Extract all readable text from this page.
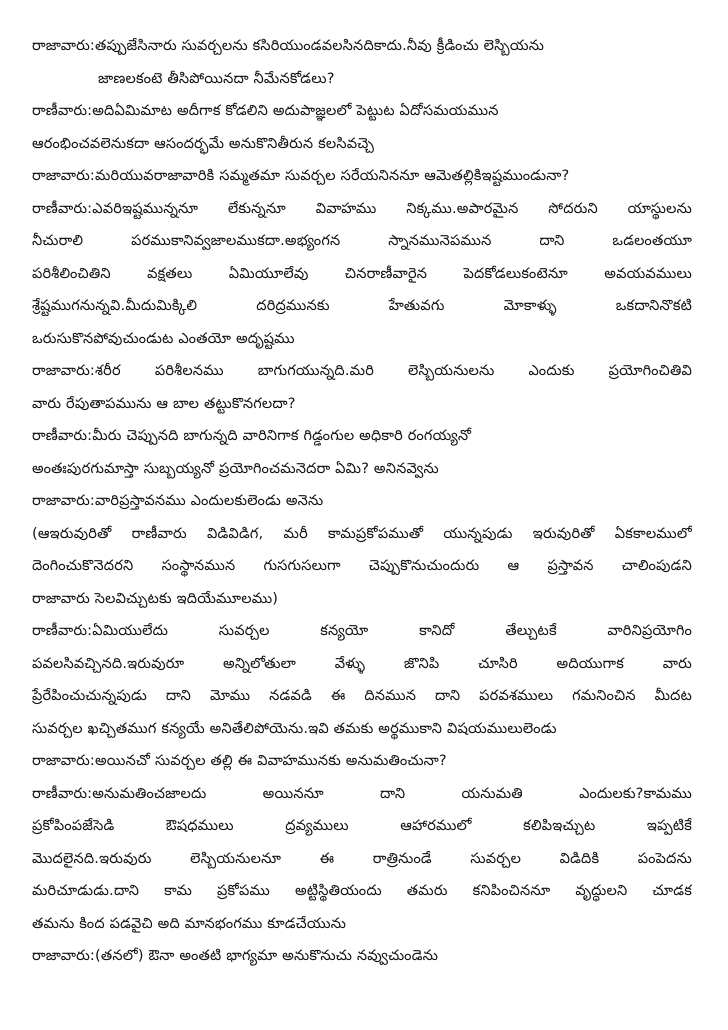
రాజావారు:తప్పుజేసినారు సువర్చలను కసిరియుండవలసినదికాదు.నీవు క్రీడించు లెస్బియను
జాణలకంటె తీసిపోయినదా నీమేనకోడలు?
రాణీవారు:అదిఏమిమాట అదీగాక కోడలిని అదుపాజ్ఞలలో పెట్టుట ఏదోసమయమున
ఆరంభించవలెనుకదా ఆసందర్భమే అనుకొనితీరున కలసివచ్చె
రాజావారు:మరియువరాజావారికి సమ్మతమా సువర్చల సరేయనిననూ ఆమెతల్లికిఇష్టముండునా?
రాణీవారు:ఎవరిఇష్టమున్ననూ లేకున్ననూ వివాహము నిక్కము.అపారమైన సోదరుని యాస్థులను
నీచురాలి పరముకానివ్వజాలముకదా.అభ్యంగన స్నానమునెపమున దాని ఒడలంతయూ
పరిశీలించితిని వక్షతలు ఏమియూలేవు చినరాణీవారైన పెదకోడలుకంటెనూ అవయవములు
శ్రేష్టముగనున్నవి.మీదుమిక్కిలి దరిద్రమునకు హేతువగు మోకాళ్ళు ఒకదానినొకటి
ఒరుసుకొనపోవుచుండుట ఎంతయో అదృష్టము
రాజావారు:శరీర పరిశీలనము బాగుగయున్నది.మరి లెస్బియనులను ఎందుకు ప్రయోగించితివి
వారు రేపుతాపమును ఆ బాల తట్టుకొనగలదా?
రాణీవారు:మీరు చెప్పునది బాగున్నది వారినిగాక గిడ్డంగుల అధికారి రంగయ్యనో
అంతఃపురగుమాస్తా సుబ్బయ్యనో ప్రయోగించమనెదరా ఏమి? అనినవ్వెను
రాజావారు:వారిప్రస్తావనము ఎందులకులెండు అనెను
(ఆఇరువురితో రాణీవారు విడివిడిగ, మరీ కామప్రకోపముతో యున్నపుడు ఇరువురితో ఏకకాలములో
దెంగించుకొనెదరని సంస్థానమున గుసగుసలుగా చెప్పుకొనుచుందురు ఆ ప్రస్తావన చాలింపుడని
రాజావారు సెలవిచ్చుటకు ఇదియేమూలము)
రాణీవారు:ఏమియులేదు సువర్చల కన్యయో కానిదో తేల్చుటకే వారినిప్రయోగిం
పవలసివచ్చినది.ఇరువురూ అన్నిలోతులా వేళ్ళు జొనిపి చూసిరి అదియుగాక వారు
ప్రేరేపించుచున్నపుడు దాని మోము నడవడి ఈ దినమున దాని పరవశములు గమనించిన మీదట
సువర్చల ఖచ్చితముగ కన్యయే అనితేలిపోయెను.ఇవి తమకు అర్థముకాని విషయములులెండు
రాజావారు:అయినచో సువర్చల తల్లి ఈ వివాహమునకు అనుమతించునా?
రాణీవారు:అనుమతించజాలదు అయిననూ దాని యనుమతి ఎందులకు?కామము
ప్రకోపింపజేసెడి ఔషధములు ద్రవ్యములు ఆహారములో కలిపిఇచ్చుట ఇప్పటికే
మొదలైనది.ఇరువురు లెస్బియనులనూ ఈ రాత్రినుండే సువర్చల విడిదికి పంపెదను
మరిచూడుడు.దాని కామ ప్రకోపము అట్టిస్థితియందు తమరు కనిపించిననూ వృద్ధులని చూడక
తమను కింద పడవైచి అది మానభంగము కూడచేయును
రాజావారు:(తనలో) ఔనా అంతటి భాగ్యమా అనుకొనుచు నవ్వుచుండెను
